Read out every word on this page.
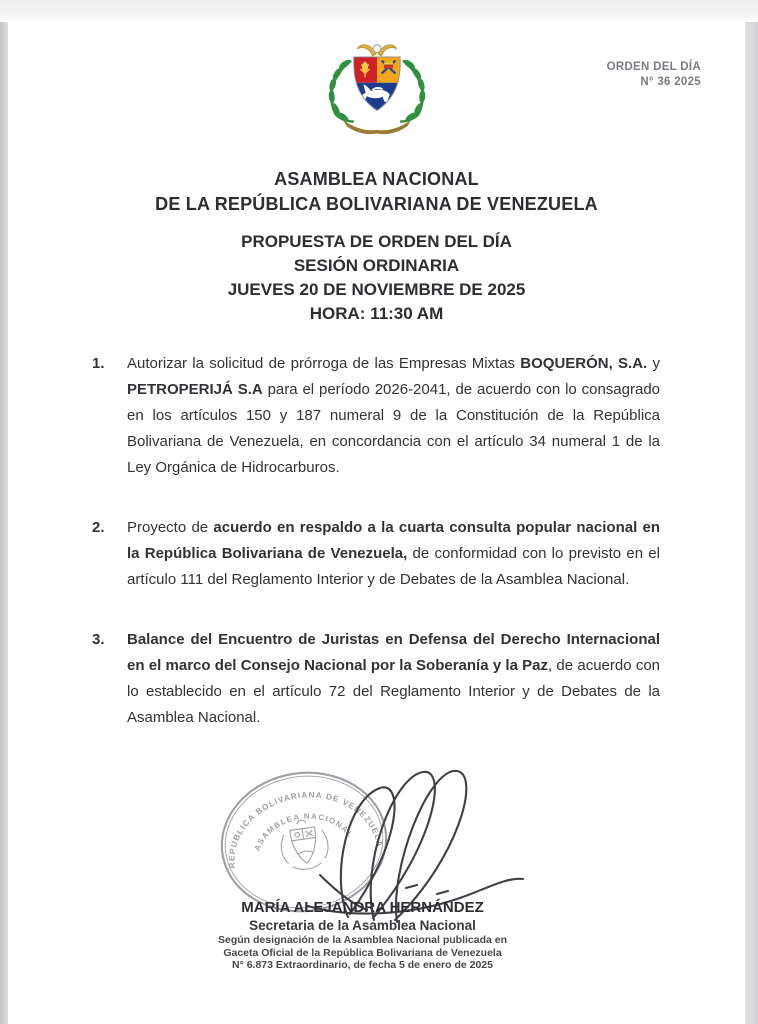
ORDEN DEL DÍA
N° 36 2025
ASAMBLEA NACIONAL
DE LA REPÚBLICA BOLIVARIANA DE VENEZUELA
PROPUESTA DE ORDEN DEL DÍA
SESIÓN ORDINARIA
JUEVES 20 DE NOVIEMBRE DE 2025
HORA: 11:30 AM
1. Autorizar la solicitud de prórroga de las Empresas Mixtas BOQUERÓN, S.A. y PETROPERIJÁ S.A para el período 2026-2041, de acuerdo con lo consagrado en los artículos 150 y 187 numeral 9 de la Constitución de la República Bolivariana de Venezuela, en concordancia con el artículo 34 numeral 1 de la Ley Orgánica de Hidrocarburos.
2. Proyecto de acuerdo en respaldo a la cuarta consulta popular nacional en la República Bolivariana de Venezuela, de conformidad con lo previsto en el artículo 111 del Reglamento Interior y de Debates de la Asamblea Nacional.
3. Balance del Encuentro de Juristas en Defensa del Derecho Internacional en el marco del Consejo Nacional por la Soberanía y la Paz, de acuerdo con lo establecido en el artículo 72 del Reglamento Interior y de Debates de la Asamblea Nacional.
REPÚBLICA BOLIVARIANA DE VENEZUELA
ASAMBLEA NACIONAL
MARÍA ALEJANDRA HERNÁNDEZ
Secretaria de la Asamblea Nacional
Según designación de la Asamblea Nacional publicada en
Gaceta Oficial de la República Bolivariana de Venezuela
N° 6.873 Extraordinario, de fecha 5 de enero de 2025
